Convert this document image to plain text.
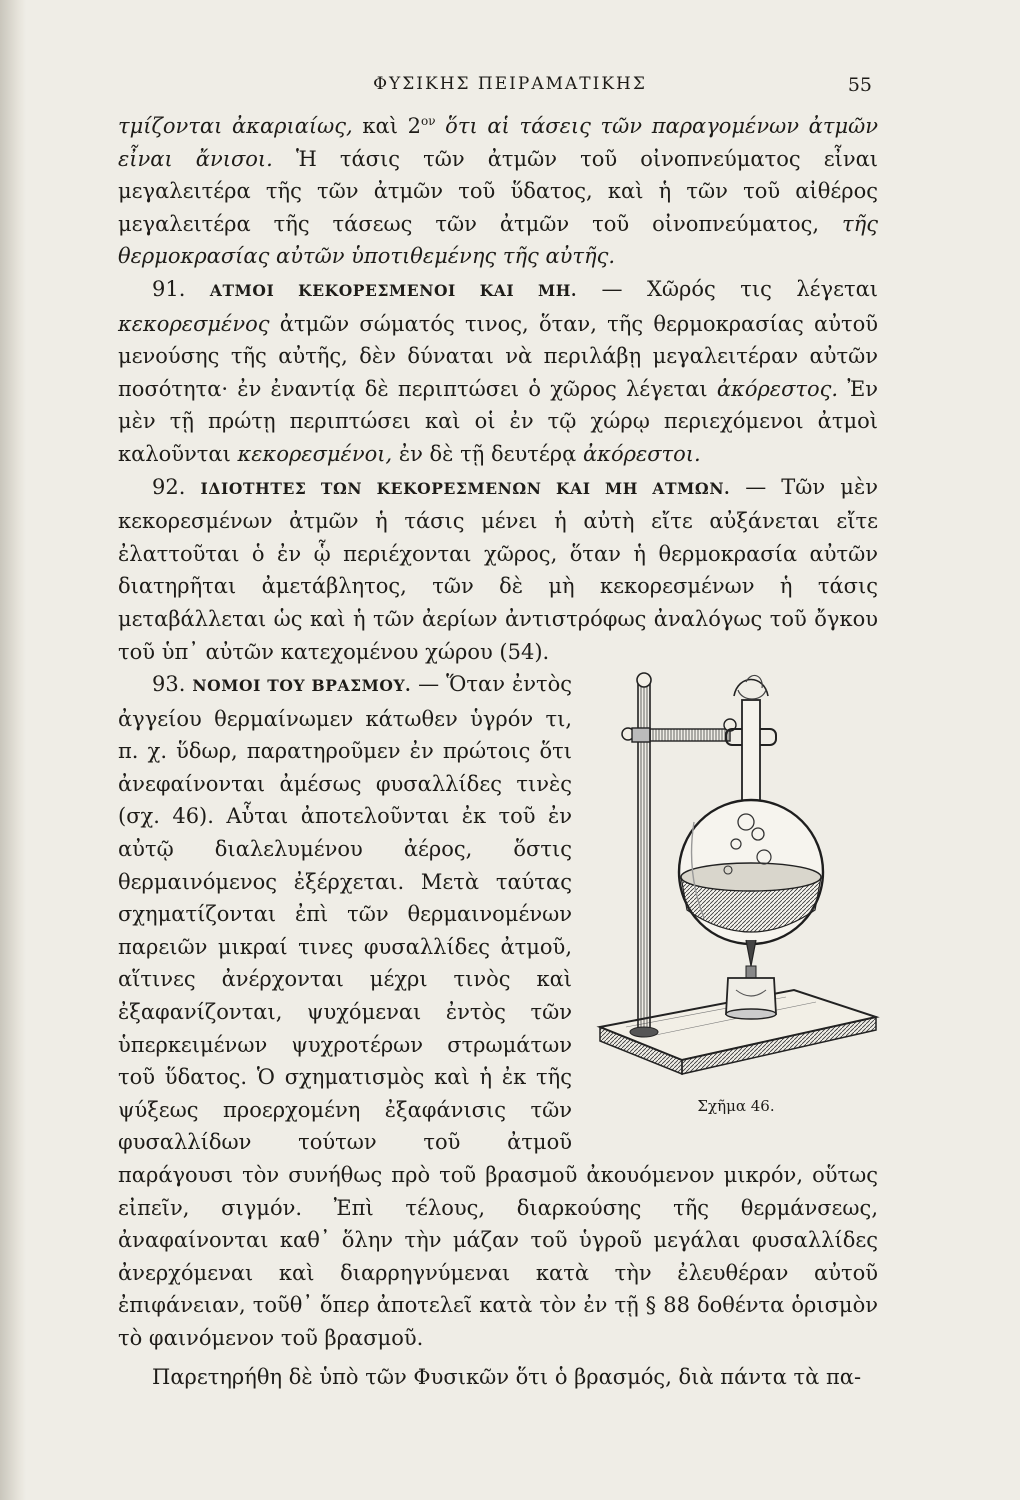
ΦΥΣΙΚΗΣ ΠΕΙΡΑΜΑΤΙΚΗΣ	55

τμίζονται ἀκαριαίως, καὶ $2^{o\nu}$ ὅτι αἱ τάσεις τῶν παραγομένων ἀτμῶν εἶναι ἄνισοι. Ἡ τάσις τῶν ἀτμῶν τοῦ οἰνοπνεύματος εἶναι μεγαλειτέρα τῆς τῶν ἀτμῶν τοῦ ὕδατος, καὶ ἡ τῶν τοῦ αἰθέρος μεγαλειτέρα τῆς τάσεως τῶν ἀτμῶν τοῦ οἰνοπνεύματος, τῆς θερμοκρασίας αὐτῶν ὑποτιθεμένης τῆς αὐτῆς.

91. ΑΤΜΟΙ ΚΕΚΟΡΕΣΜΕΝΟΙ ΚΑΙ ΜΗ. — Χῶρός τις λέγεται κεκορεσμένος ἀτμῶν σώματός τινος, ὅταν, τῆς θερμοκρασίας αὐτοῦ μενούσης τῆς αὐτῆς, δὲν δύναται νὰ περιλάβῃ μεγαλειτέραν αὐτῶν ποσότητα· ἐν ἐναντίᾳ δὲ περιπτώσει ὁ χῶρος λέγεται ἀκόρεστος. Ἐν μὲν τῇ πρώτῃ περιπτώσει καὶ οἱ ἐν τῷ χώρῳ περιεχόμενοι ἀτμοὶ καλοῦνται κεκορεσμένοι, ἐν δὲ τῇ δευτέρᾳ ἀκόρεστοι.

92. ΙΔΙΟΤΗΤΕΣ ΤΩΝ ΚΕΚΟΡΕΣΜΕΝΩΝ ΚΑΙ ΜΗ ΑΤΜΩΝ. — Τῶν μὲν κεκορεσμένων ἀτμῶν ἡ τάσις μένει ἡ αὐτὴ εἴτε αὐξάνεται εἴτε ἐλαττοῦται ὁ ἐν ᾧ περιέχονται χῶρος, ὅταν ἡ θερμοκρασία αὐτῶν διατηρῆται ἀμετάβλητος, τῶν δὲ μὴ κεκορεσμένων ἡ τάσις μεταβάλλεται ὡς καὶ ἡ τῶν ἀερίων ἀντιστρόφως ἀναλόγως τοῦ ὄγκου τοῦ ὑπ᾽ αὐτῶν κατεχομένου χώρου (54).

Σχῆμα 46.

93. ΝΟΜΟΙ ΤΟΥ ΒΡΑΣΜΟΥ. — Ὅταν ἐντὸς ἀγγείου θερμαίνωμεν κάτωθεν ὑγρόν τι, π. χ. ὕδωρ, παρατηροῦμεν ἐν πρώτοις ὅτι ἀνεφαίνονται ἀμέσως φυσαλλίδες τινὲς (σχ. 46). Αὗται ἀποτελοῦνται ἐκ τοῦ ἐν αὐτῷ διαλελυμένου ἀέρος, ὅστις θερμαινόμενος ἐξέρχεται. Μετὰ ταύτας σχηματίζονται ἐπὶ τῶν θερμαινομένων παρειῶν μικραί τινες φυσαλλίδες ἀτμοῦ, αἵτινες ἀνέρχονται μέχρι τινὸς καὶ ἐξαφανίζονται, ψυχόμεναι ἐντὸς τῶν ὑπερκειμένων ψυχροτέρων στρωμάτων τοῦ ὕδατος. Ὁ σχηματισμὸς καὶ ἡ ἐκ τῆς ψύξεως προερχομένη ἐξαφάνισις τῶν φυσαλλίδων τούτων τοῦ ἀτμοῦ παράγουσι τὸν συνήθως πρὸ τοῦ βρασμοῦ ἀκουόμενον μικρόν, οὕτως εἰπεῖν, σιγμόν. Ἐπὶ τέλους, διαρκούσης τῆς θερμάνσεως, ἀναφαίνονται καθ᾽ ὅλην τὴν μάζαν τοῦ ὑγροῦ μεγάλαι φυσαλλίδες ἀνερχόμεναι καὶ διαρρηγνύμεναι κατὰ τὴν ἐλευθέραν αὐτοῦ ἐπιφάνειαν, τοῦθ᾽ ὅπερ ἀποτελεῖ κατὰ τὸν ἐν τῇ § 88 δοθέντα ὁρισμὸν τὸ φαινόμενον τοῦ βρασμοῦ.

Παρετηρήθη δὲ ὑπὸ τῶν Φυσικῶν ὅτι ὁ βρασμός, διὰ πάντα τὰ πα-
